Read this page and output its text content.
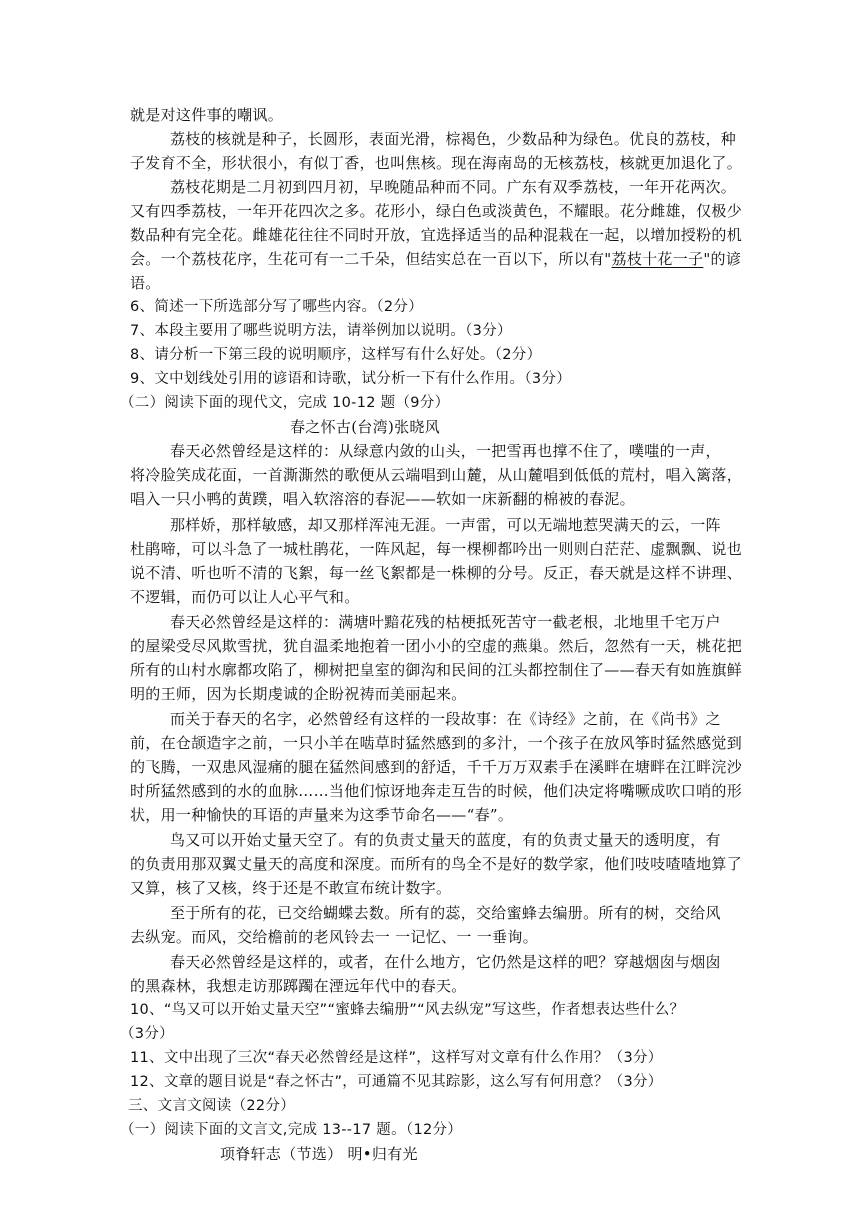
就是对这件事的嘲讽。
荔枝的核就是种子，长圆形，表面光滑，棕褐色，少数品种为绿色。优良的荔枝，种
子发育不全，形状很小，有似丁香，也叫焦核。现在海南岛的无核荔枝，核就更加退化了。
荔枝花期是二月初到四月初，早晚随品种而不同。广东有双季荔枝，一年开花两次。
又有四季荔枝，一年开花四次之多。花形小，绿白色或淡黄色，不耀眼。花分雌雄，仅极少
数品种有完全花。雌雄花往往不同时开放，宜选择适当的品种混栽在一起，以增加授粉的机
会。一个荔枝花序，生花可有一二千朵，但结实总在一百以下，所以有"荔枝十花一子"的谚
语。
6、简述一下所选部分写了哪些内容。（2分）
7、本段主要用了哪些说明方法，请举例加以说明。（3分）
8、请分析一下第三段的说明顺序，这样写有什么好处。（2分）
9、文中划线处引用的谚语和诗歌，试分析一下有什么作用。（3分）
（二）阅读下面的现代文，完成 10-12 题（9分）
春之怀古(台湾)张晓风
春天必然曾经是这样的：从绿意内敛的山头，一把雪再也撑不住了，噗嗤的一声，
将冷脸笑成花面，一首澌澌然的歌便从云端唱到山麓，从山麓唱到低低的荒村，唱入篱落，
唱入一只小鸭的黄蹼，唱入软溶溶的春泥——软如一床新翻的棉被的春泥。
那样娇，那样敏感，却又那样浑沌无涯。一声雷，可以无端地惹哭满天的云，一阵
杜鹃啼，可以斗急了一城杜鹃花，一阵风起，每一棵柳都吟出一则则白茫茫、虚飘飘、说也
说不清、听也听不清的飞絮，每一丝飞絮都是一株柳的分号。反正，春天就是这样不讲理、
不逻辑，而仍可以让人心平气和。
春天必然曾经是这样的：满塘叶黯花残的枯梗抵死苦守一截老根，北地里千宅万户
的屋梁受尽风欺雪扰，犹自温柔地抱着一团小小的空虚的燕巢。然后，忽然有一天，桃花把
所有的山村水廓都攻陷了，柳树把皇室的御沟和民间的江头都控制住了——春天有如旌旗鲜
明的王师，因为长期虔诚的企盼祝祷而美丽起来。
而关于春天的名字，必然曾经有这样的一段故事：在《诗经》之前，在《尚书》之
前，在仓颉造字之前，一只小羊在啮草时猛然感到的多汁，一个孩子在放风筝时猛然感觉到
的飞腾，一双患风湿痛的腿在猛然间感到的舒适，千千万万双素手在溪畔在塘畔在江畔浣沙
时所猛然感到的水的血脉……当他们惊讶地奔走互告的时候，他们决定将嘴噘成吹口哨的形
状，用一种愉快的耳语的声量来为这季节命名——“春”。
鸟又可以开始丈量天空了。有的负责丈量天的蓝度，有的负责丈量天的透明度，有
的负责用那双翼丈量天的高度和深度。而所有的鸟全不是好的数学家，他们吱吱喳喳地算了
又算，核了又核，终于还是不敢宣布统计数字。
至于所有的花，已交给蝴蝶去数。所有的蕊，交给蜜蜂去编册。所有的树，交给风
去纵宠。而风，交给檐前的老风铃去一 一记忆、一 一垂询。
春天必然曾经是这样的，或者，在什么地方，它仍然是这样的吧？穿越烟囱与烟囱
的黑森林，我想走访那踯躅在湮远年代中的春天。
10、“鸟又可以开始丈量天空”“蜜蜂去编册”“风去纵宠”写这些，作者想表达些什么？
（3分）
11、文中出现了三次“春天必然曾经是这样”，这样写对文章有什么作用？（3分）
12、文章的题目说是“春之怀古”，可通篇不见其踪影，这么写有何用意？（3分）
三、文言文阅读（22分）
（一）阅读下面的文言文,完成 13--17 题。（12分）
项脊轩志（节选） 明•归有光
